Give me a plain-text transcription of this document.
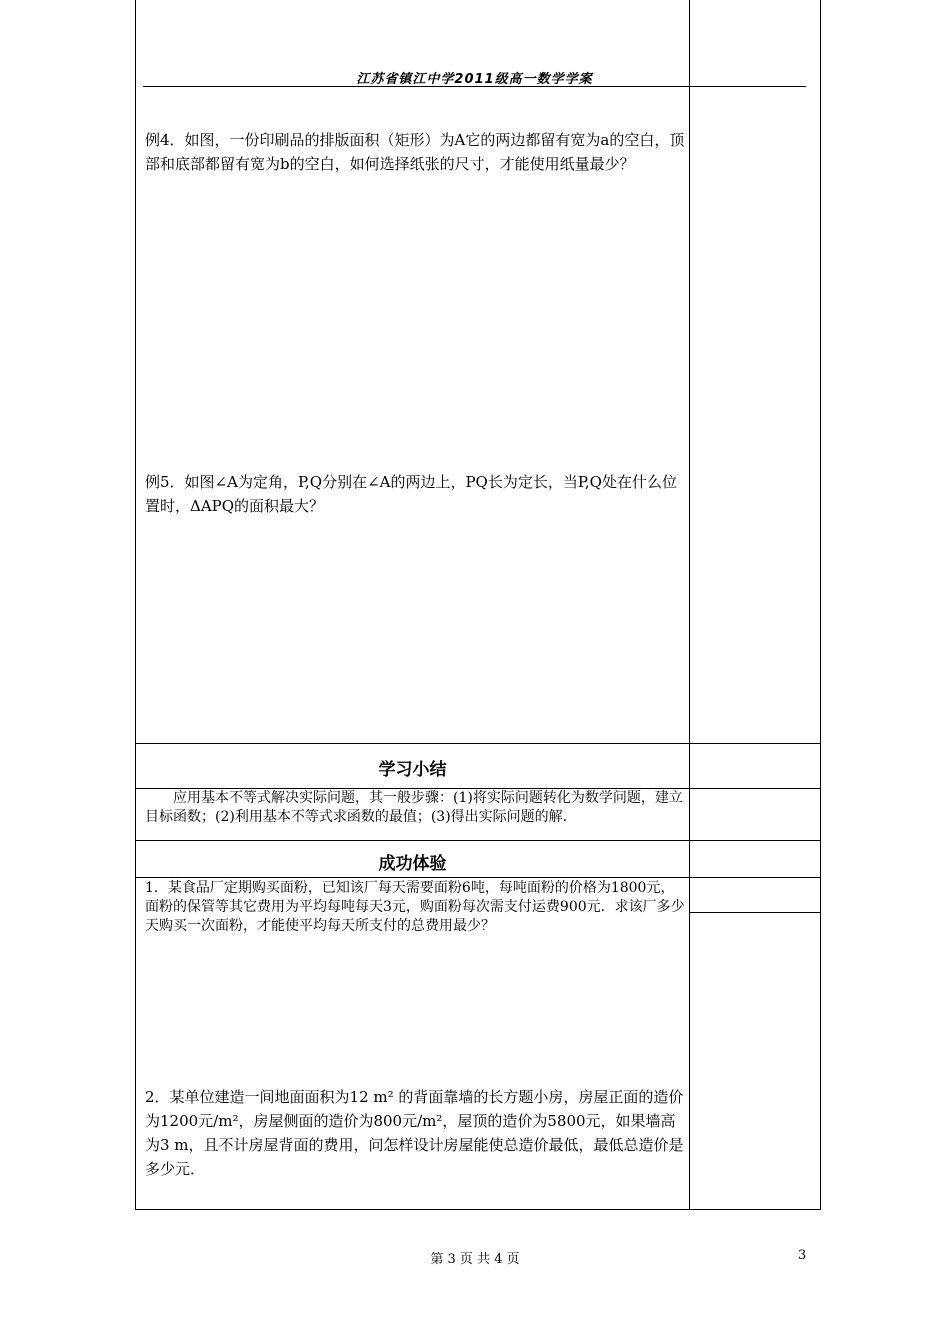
江苏省镇江中学2011级高一数学学案
例4．如图，一份印刷品的排版面积（矩形）为A它的两边都留有宽为a的空白，顶部和底部都留有宽为b的空白，如何选择纸张的尺寸，才能使用纸量最少？
例5．如图∠A为定角，P,Q分别在∠A的两边上，PQ长为定长，当P,Q处在什么位置时，ΔAPQ的面积最大？
学习小结
　　应用基本不等式解决实际问题，其一般步骤：(1)将实际问题转化为数学问题，建立目标函数；(2)利用基本不等式求函数的最值；(3)得出实际问题的解．
成功体验
1．某食品厂定期购买面粉，已知该厂每天需要面粉6吨，每吨面粉的价格为1800元，面粉的保管等其它费用为平均每吨每天3元，购面粉每次需支付运费900元．求该厂多少天购买一次面粉，才能使平均每天所支付的总费用最少？
2．某单位建造一间地面面积为12 m² 的背面靠墙的长方题小房，房屋正面的造价为1200元/m²，房屋侧面的造价为800元/m²，屋顶的造价为5800元，如果墙高为3 m，且不计房屋背面的费用，问怎样设计房屋能使总造价最低，最低总造价是多少元．
第 3 页 共 4 页	3
